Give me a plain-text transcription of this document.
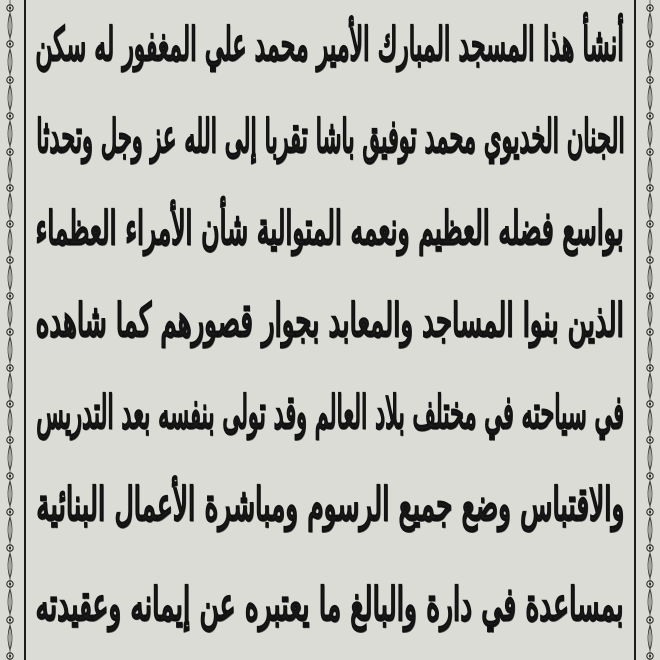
أنشأ هذا المسجد المبارك الأمير محمد علي المغفور له سكن
الجنان الخديوي محمد توفيق باشا تقربا إلى الله عز وجل وتحدثا
بواسع فضله العظيم ونعمه المتوالية شأن الأمراء العظماء
الذين بنوا المساجد والمعابد بجوار قصورهم كما شاهده
في سياحته في مختلف بلاد العالم وقد تولى بنفسه بعد التدريس
والاقتباس وضع جميع الرسوم ومباشرة الأعمال البنائية
بمساعدة في دارة والبالغ ما يعتبره عن إيمانه وعقيدته
